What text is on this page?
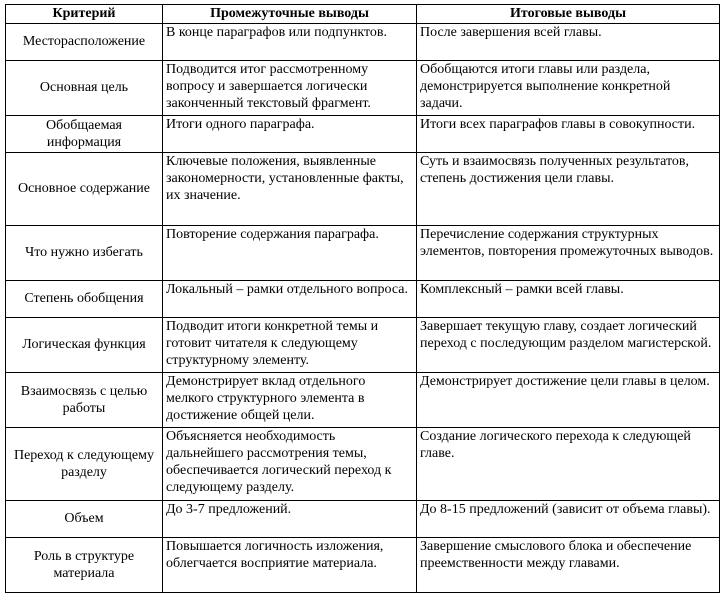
Критерий	Промежуточные выводы	Итоговые выводы
Месторасположение	В конце параграфов или подпунктов.	После завершения всей главы.
Основная цель	Подводится итог рассмотренному вопросу и завершается логически законченный текстовый фрагмент.	Обобщаются итоги главы или раздела, демонстрируется выполнение конкретной задачи.
Обобщаемая информация	Итоги одного параграфа.	Итоги всех параграфов главы в совокупности.
Основное содержание	Ключевые положения, выявленные закономерности, установленные факты, их значение.	Суть и взаимосвязь полученных результатов, степень достижения цели главы.
Что нужно избегать	Повторение содержания параграфа.	Перечисление содержания структурных элементов, повторения промежуточных выводов.
Степень обобщения	Локальный – рамки отдельного вопроса.	Комплексный – рамки всей главы.
Логическая функция	Подводит итоги конкретной темы и готовит читателя к следующему структурному элементу.	Завершает текущую главу, создает логический переход с последующим разделом магистерской.
Взаимосвязь с целью работы	Демонстрирует вклад отдельного мелкого структурного элемента в достижение общей цели.	Демонстрирует достижение цели главы в целом.
Переход к следующему разделу	Объясняется необходимость дальнейшего рассмотрения темы, обеспечивается логический переход к следующему разделу.	Создание логического перехода к следующей главе.
Объем	До 3-7 предложений.	До 8-15 предложений (зависит от объема главы).
Роль в структуре материала	Повышается логичность изложения, облегчается восприятие материала.	Завершение смыслового блока и обеспечение преемственности между главами.
